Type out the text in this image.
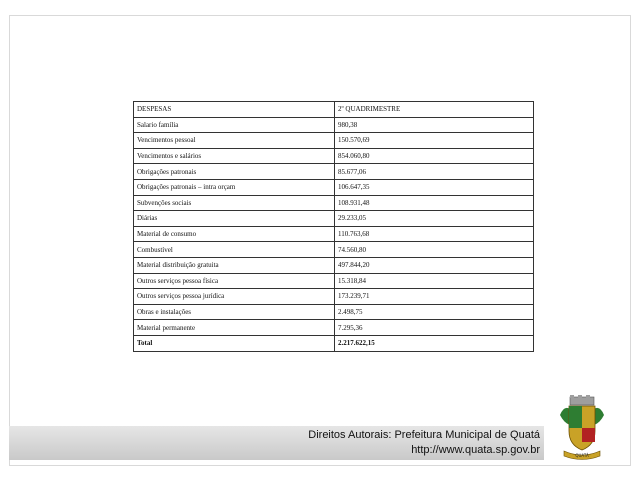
DESPESAS	2º QUADRIMESTRE
Salario família	980,38
Vencimentos pessoal	150.570,69
Vencimentos e salários	854.060,80
Obrigações patronais	85.677,06
Obrigações patronais – intra orçam	106.647,35
Subvenções sociais	108.931,48
Diárias	29.233,05
Material de consumo	110.763,68
Combustível	74.560,80
Material distribuição gratuita	497.844,20
Outros serviços pessoa física	15.318,84
Outros serviços pessoa jurídica	173.239,71
Obras e instalações	2.498,75
Material permanente	7.295,36
Total	2.217.622,15
Direitos Autorais: Prefeitura Municipal de Quatá
http://www.quata.sp.gov.br	QUATÁ
